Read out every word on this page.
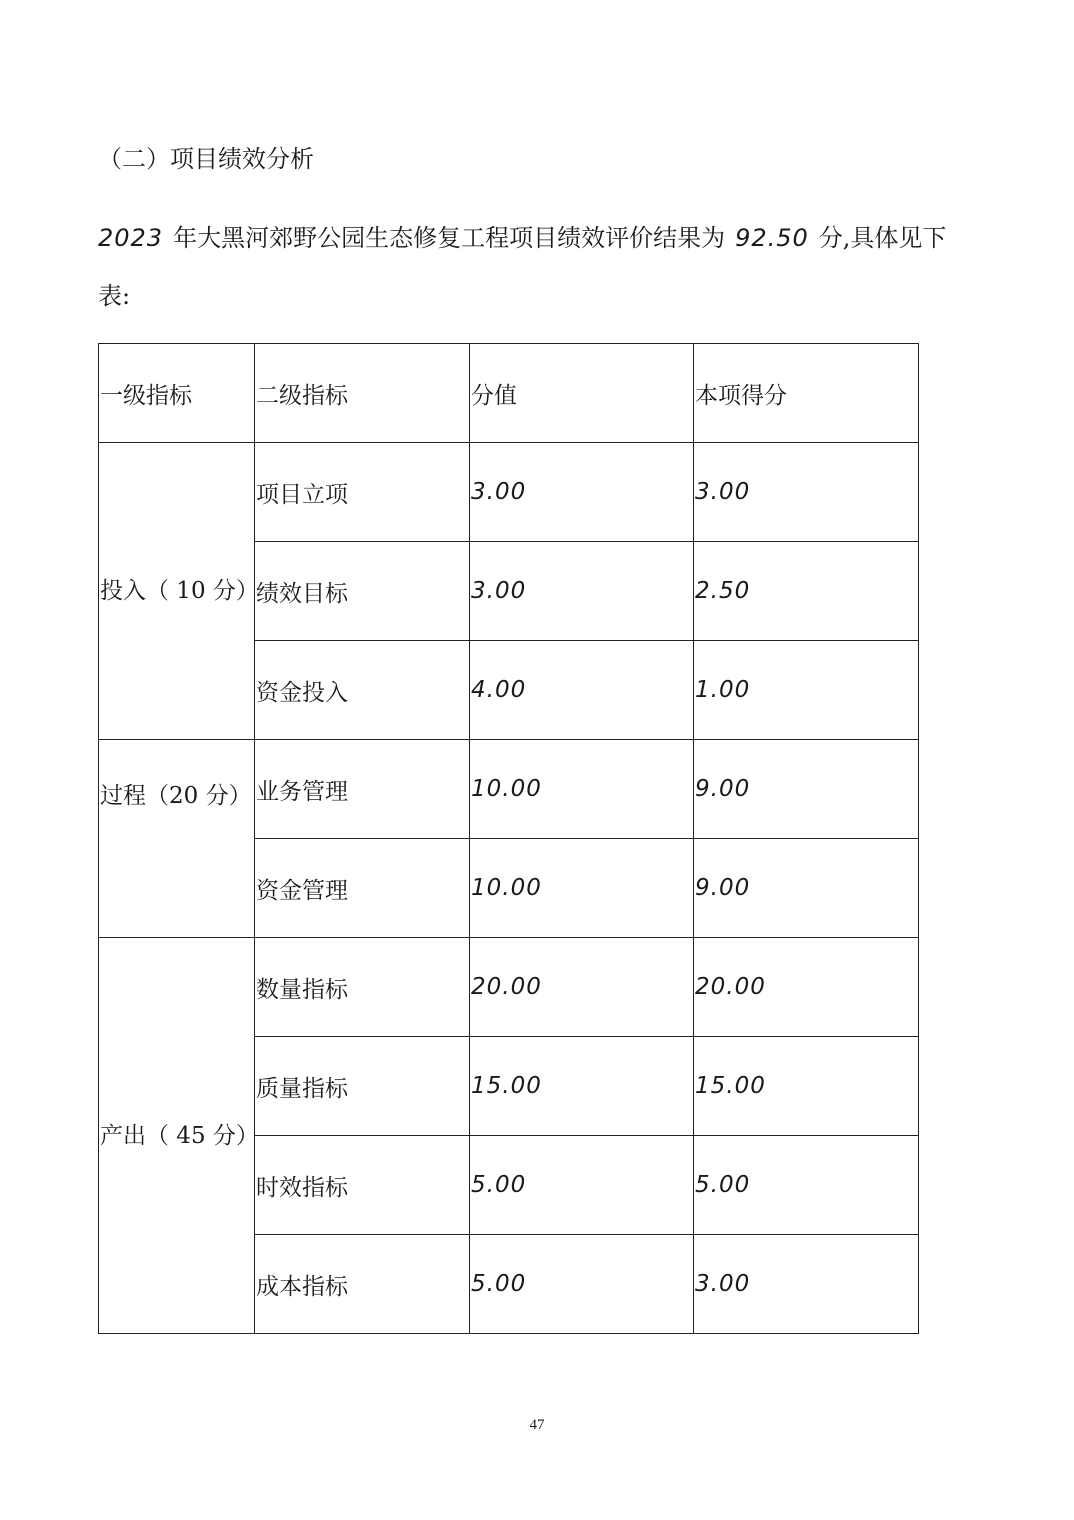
（二）项目绩效分析
2023 年大黑河郊野公园生态修复工程项目绩效评价结果为 92.50 分,具体见下
表:
一级指标	二级指标	分值	本项得分
投入（ 10 分）	项目立项	3.00	3.00
	绩效目标	3.00	2.50
	资金投入	4.00	1.00
过程（20 分）	业务管理	10.00	9.00
	资金管理	10.00	9.00
产出（ 45 分）	数量指标	20.00	20.00
	质量指标	15.00	15.00
	时效指标	5.00	5.00
	成本指标	5.00	3.00
47
